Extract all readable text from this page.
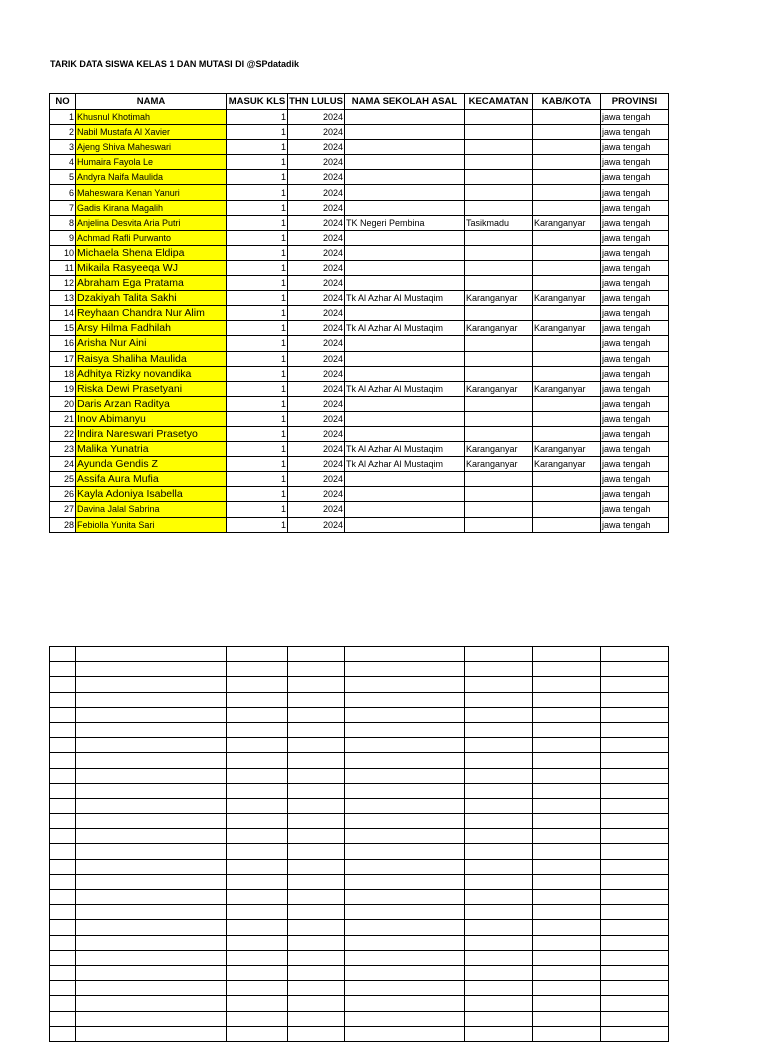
TARIK DATA SISWA KELAS 1 DAN MUTASI DI @SPdatadik
NO	NAMA	MASUK KLS	THN LULUS	NAMA SEKOLAH ASAL	KECAMATAN	KAB/KOTA	PROVINSI
1	Khusnul Khotimah	1	2024				jawa tengah
2	Nabil Mustafa Al Xavier	1	2024				jawa tengah
3	Ajeng Shiva Maheswari	1	2024				jawa tengah
4	Humaira Fayola Le	1	2024				jawa tengah
5	Andyra Naifa Maulida	1	2024				jawa tengah
6	Maheswara Kenan Yanuri	1	2024				jawa tengah
7	Gadis Kirana Magalih	1	2024				jawa tengah
8	Anjelina Desvita Aria Putri	1	2024	TK Negeri Pembina	Tasikmadu	Karanganyar	jawa tengah
9	Achmad Rafli Purwanto	1	2024				jawa tengah
10	Michaela Shena Eldipa	1	2024				jawa tengah
11	Mikaila Rasyeeqa WJ	1	2024				jawa tengah
12	Abraham Ega Pratama	1	2024				jawa tengah
13	Dzakiyah Talita Sakhi	1	2024	Tk Al Azhar Al Mustaqim	Karanganyar	Karanganyar	jawa tengah
14	Reyhaan Chandra Nur Alim	1	2024				jawa tengah
15	Arsy Hilma Fadhilah	1	2024	Tk Al Azhar Al Mustaqim	Karanganyar	Karanganyar	jawa tengah
16	Arisha Nur Aini	1	2024				jawa tengah
17	Raisya Shaliha Maulida	1	2024				jawa tengah
18	Adhitya Rizky novandika	1	2024				jawa tengah
19	Riska Dewi Prasetyani	1	2024	Tk Al Azhar Al Mustaqim	Karanganyar	Karanganyar	jawa tengah
20	Daris Arzan Raditya	1	2024				jawa tengah
21	Inov Abimanyu	1	2024				jawa tengah
22	Indira Nareswari Prasetyo	1	2024				jawa tengah
23	Malika Yunatria	1	2024	Tk Al Azhar Al Mustaqim	Karanganyar	Karanganyar	jawa tengah
24	Ayunda Gendis Z	1	2024	Tk Al Azhar Al Mustaqim	Karanganyar	Karanganyar	jawa tengah
25	Assifa Aura Mufia	1	2024				jawa tengah
26	Kayla Adoniya Isabella	1	2024				jawa tengah
27	Davina Jalal Sabrina	1	2024				jawa tengah
28	Febiolla Yunita Sari	1	2024				jawa tengah
